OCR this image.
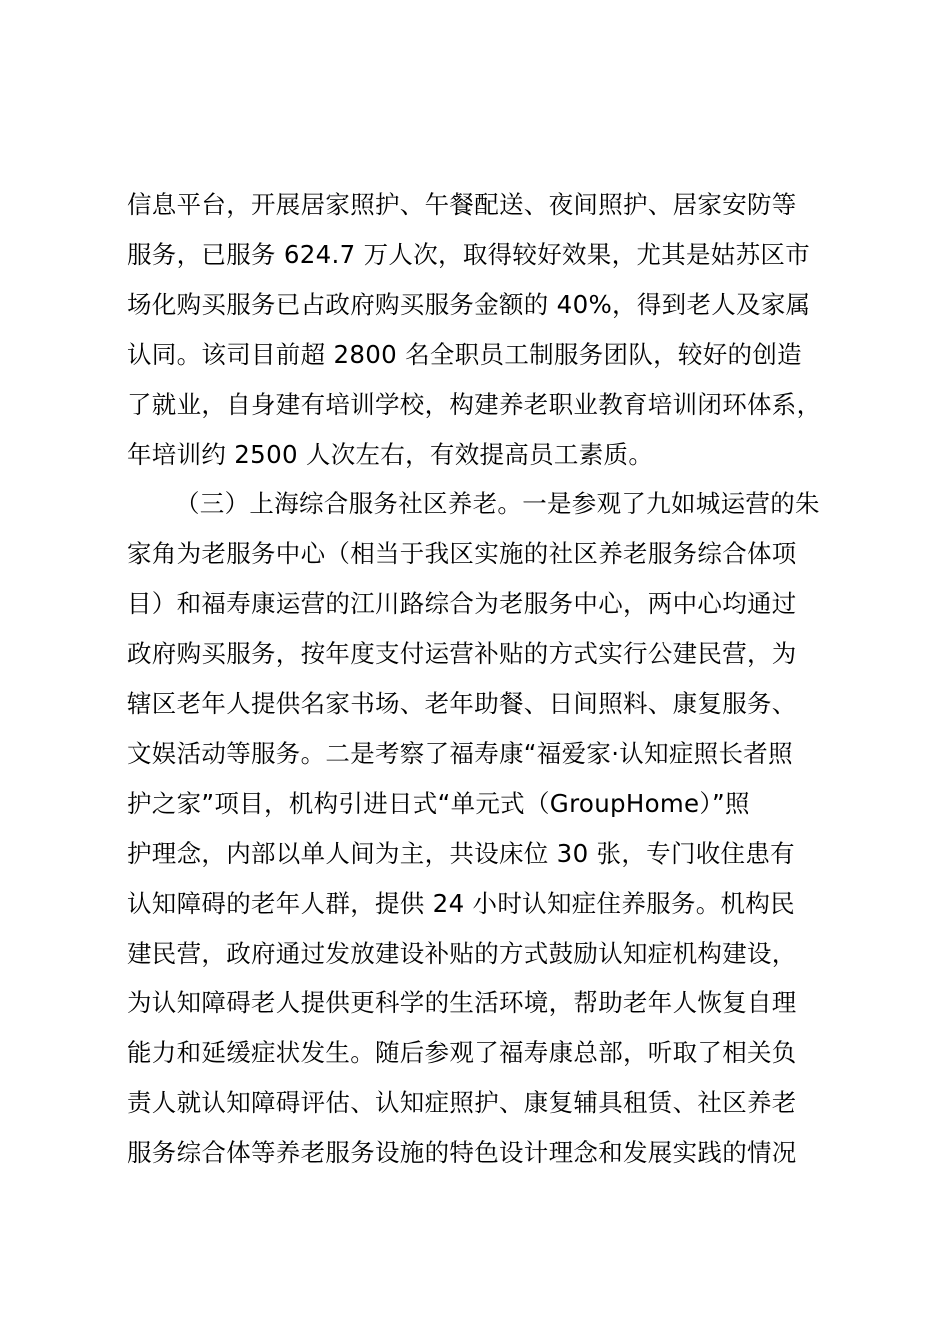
信息平台，开展居家照护、午餐配送、夜间照护、居家安防等
服务，已服务 624.7 万人次，取得较好效果，尤其是姑苏区市
场化购买服务已占政府购买服务金额的 40%，得到老人及家属
认同。该司目前超 2800 名全职员工制服务团队，较好的创造
了就业，自身建有培训学校，构建养老职业教育培训闭环体系，
年培训约 2500 人次左右，有效提高员工素质。
（三）上海综合服务社区养老。一是参观了九如城运营的朱
家角为老服务中心（相当于我区实施的社区养老服务综合体项
目）和福寿康运营的江川路综合为老服务中心，两中心均通过
政府购买服务，按年度支付运营补贴的方式实行公建民营，为
辖区老年人提供名家书场、老年助餐、日间照料、康复服务、
文娱活动等服务。二是考察了福寿康“福爱家·认知症照长者照
护之家”项目，机构引进日式“单元式（GroupHome）”照
护理念，内部以单人间为主，共设床位 30 张，专门收住患有
认知障碍的老年人群，提供 24 小时认知症住养服务。机构民
建民营，政府通过发放建设补贴的方式鼓励认知症机构建设，
为认知障碍老人提供更科学的生活环境，帮助老年人恢复自理
能力和延缓症状发生。随后参观了福寿康总部，听取了相关负
责人就认知障碍评估、认知症照护、康复辅具租赁、社区养老
服务综合体等养老服务设施的特色设计理念和发展实践的情况
